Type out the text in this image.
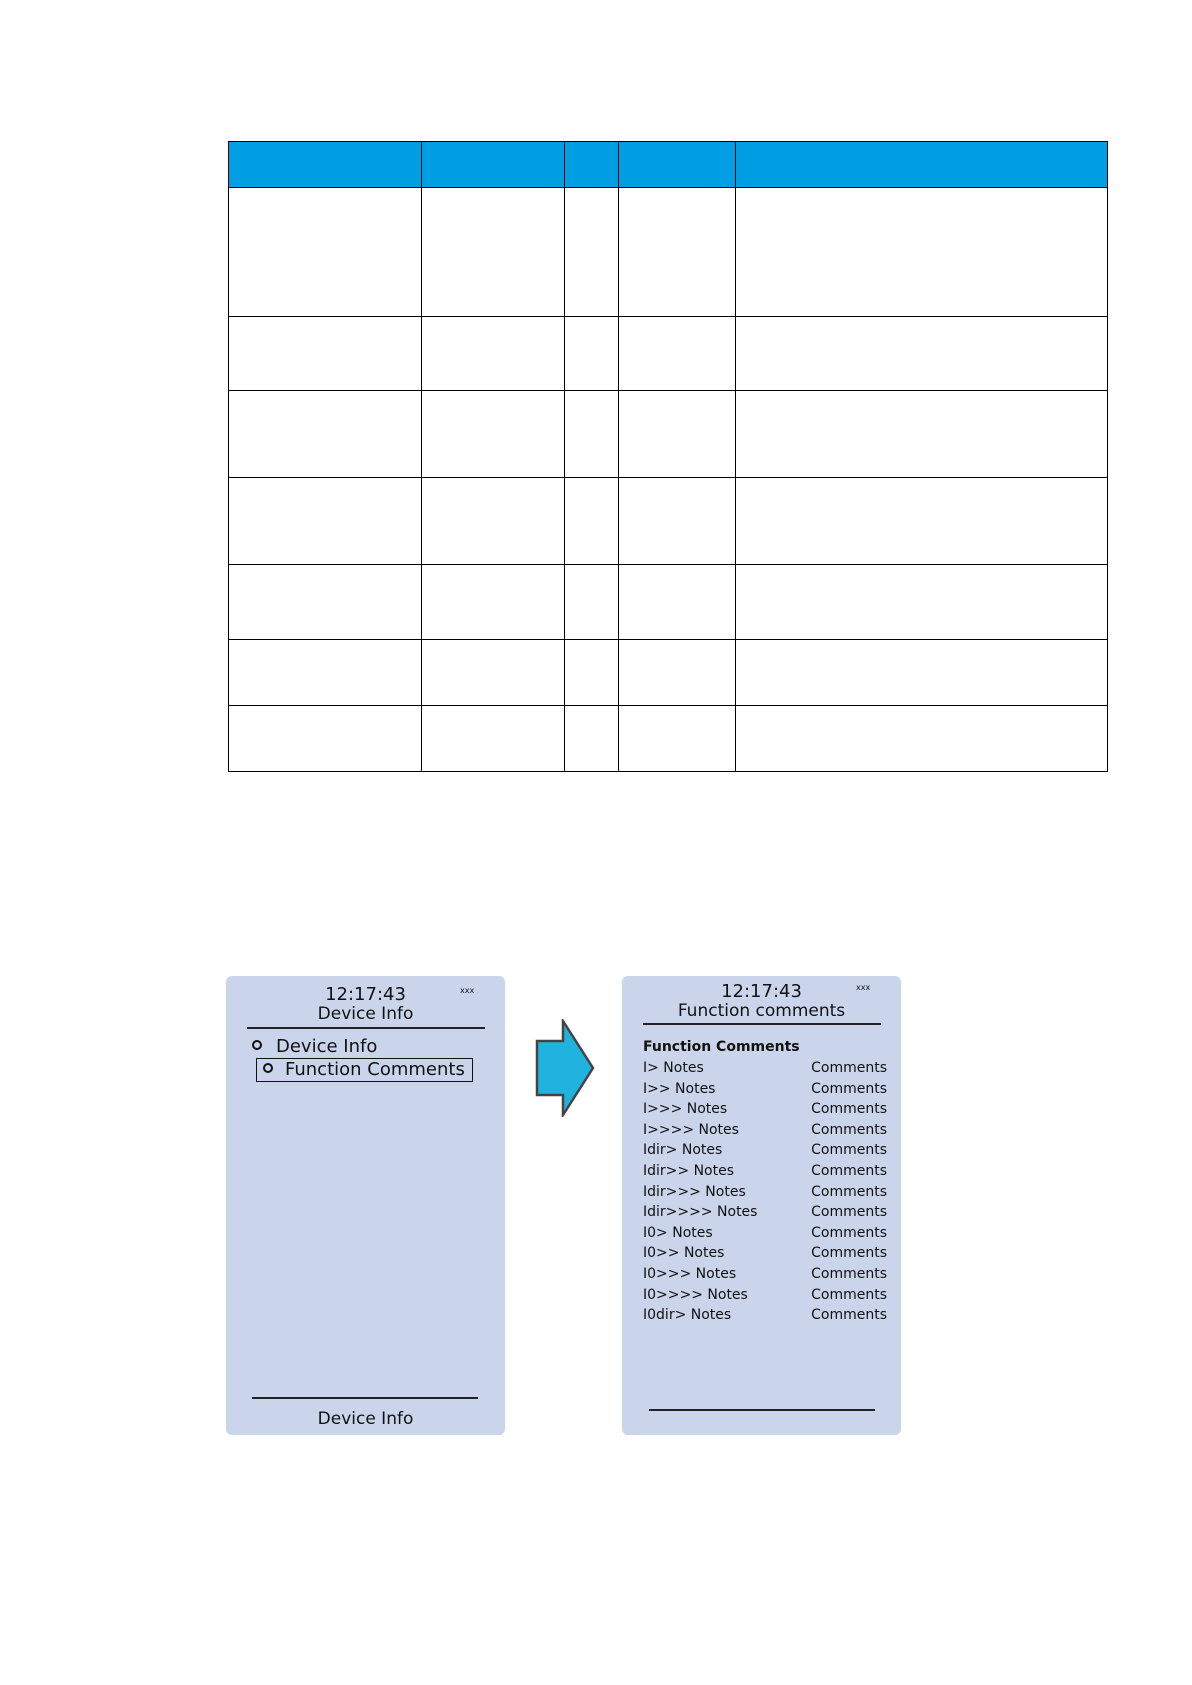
12:17:43	xxx
Device Info
Device Info
Function Comments
Device Info
12:17:43	xxx
Function comments
Function Comments
I> Notes	Comments
I>> Notes	Comments
I>>> Notes	Comments
I>>>> Notes	Comments
Idir> Notes	Comments
Idir>> Notes	Comments
Idir>>> Notes	Comments
Idir>>>> Notes	Comments
I0> Notes	Comments
I0>> Notes	Comments
I0>>> Notes	Comments
I0>>>> Notes	Comments
I0dir> Notes	Comments
